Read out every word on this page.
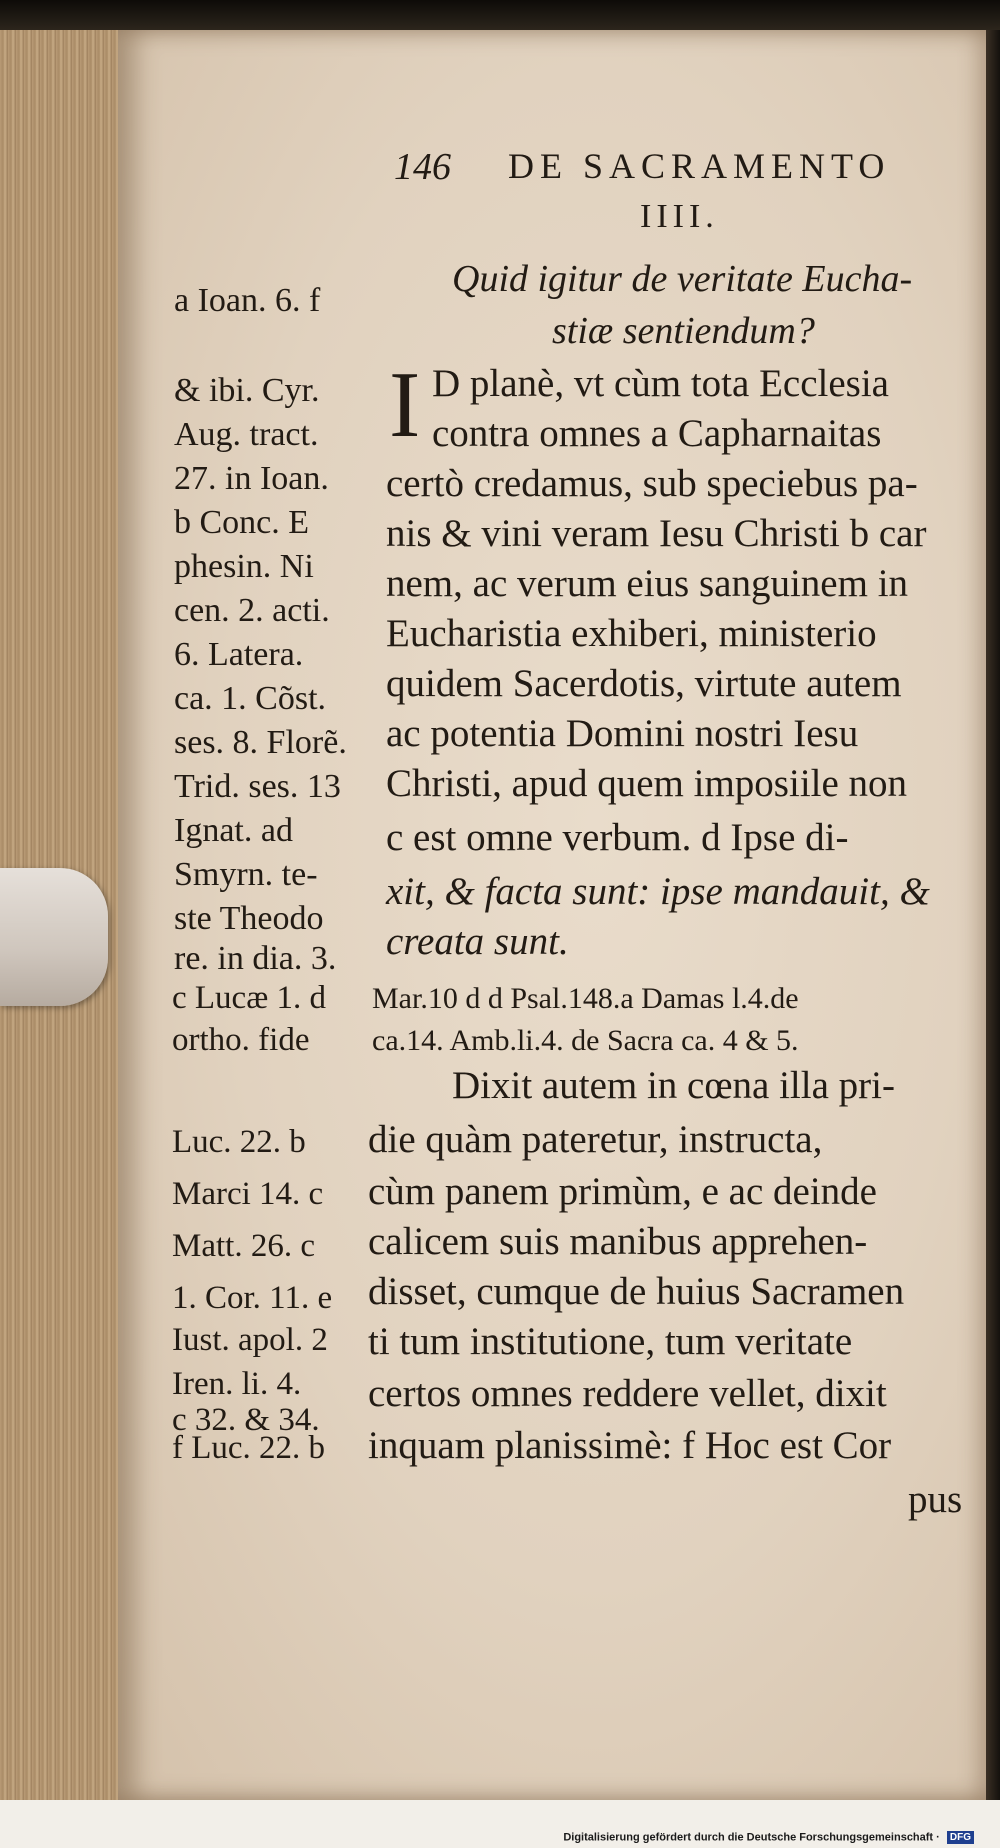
146 DE SACRAMENTO
IIII.
Quid igitur de veritate Eucha-
stiæ sentiendum?
a Ioan. 6. f
& ibi. Cyr.
Aug. tract.
27. in Ioan.
b Conc. E
phesin. Ni
cen. 2. acti.
6. Latera.
ca. 1. Cõst.
ses. 8. Florẽ.
Trid. ses. 13
Ignat. ad
Smyrn. te-
ste Theodo
re. in dia. 3.
I D planè, vt cùm tota Ecclesia
contra omnes a Capharnaitas
certò credamus, sub speciebus pa-
nis & vini veram Iesu Christi b car
nem, ac verum eius sanguinem in
Eucharistia exhiberi, ministerio
quidem Sacerdotis, virtute autem
ac potentia Domini nostri Iesu
Christi, apud quem imposiile non
c est omne verbum. d Ipse di-
xit, & facta sunt: ipse mandauit, &
creata sunt.
c Lucæ 1. d
ortho. fide
Mar.10 d d Psal.148.a Damas l.4.de
ca.14. Amb.li.4. de Sacra ca. 4 & 5.
Dixit autem in cœna illa pri-
die quàm pateretur, instructa,
cùm panem primùm, e ac deinde
calicem suis manibus apprehen-
disset, cumque de huius Sacramen
ti tum institutione, tum veritate
certos omnes reddere vellet, dixit
inquam planissimè: f Hoc est Cor
Luc. 22. b
Marci 14. c
Matt. 26. c
1. Cor. 11. e
Iust. apol. 2
Iren. li. 4.
c 32. & 34.
f Luc. 22. b
pus
Digitalisierung gefördert durch die Deutsche Forschungsgemeinschaft · DFG
